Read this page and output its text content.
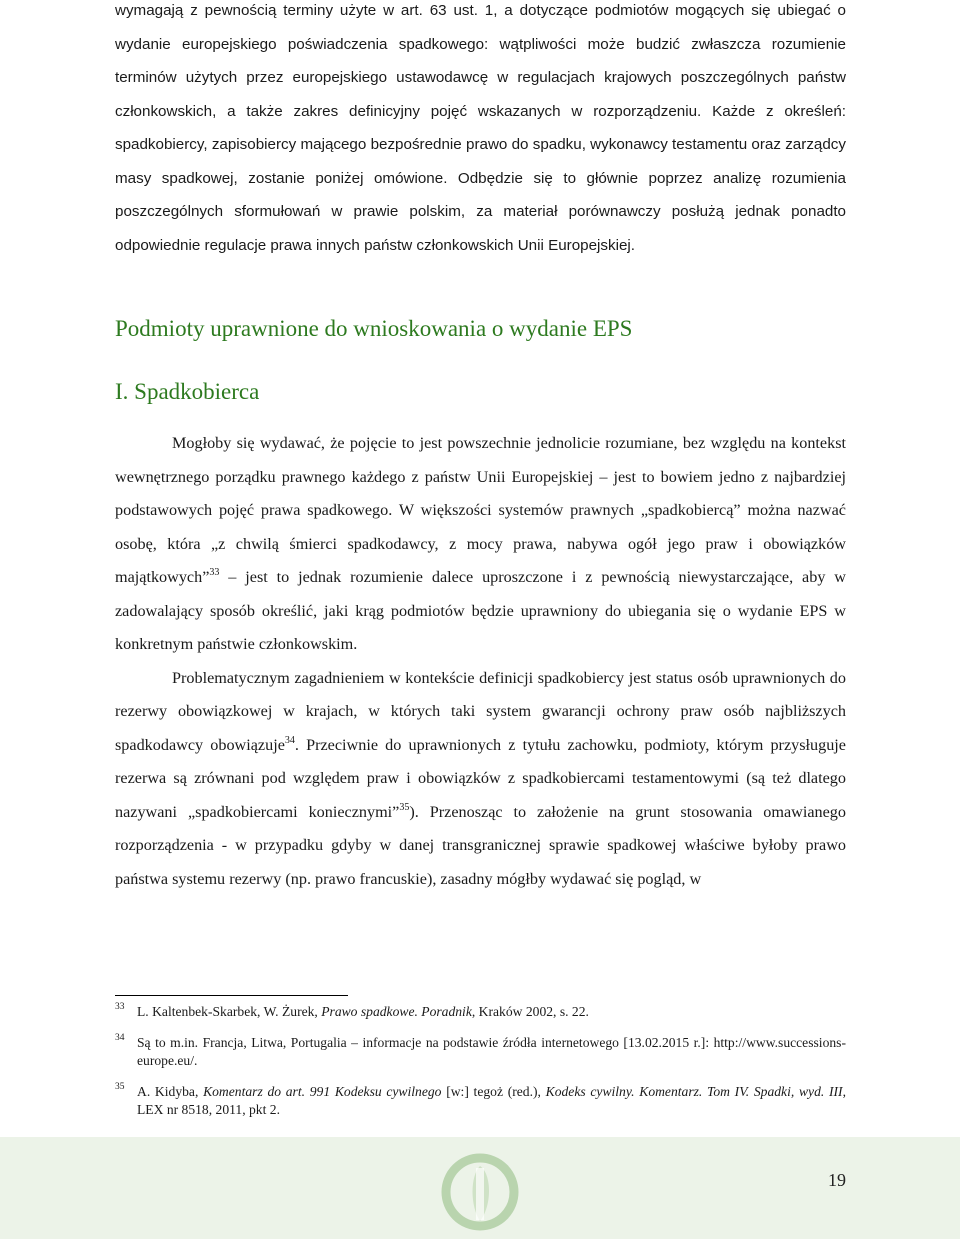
wymagają z pewnością terminy użyte w art. 63 ust. 1, a dotyczące podmiotów mogących się ubiegać o wydanie europejskiego poświadczenia spadkowego: wątpliwości może budzić zwłaszcza rozumienie terminów użytych przez europejskiego ustawodawcę w regulacjach krajowych poszczególnych państw członkowskich, a także zakres definicyjny pojęć wskazanych w rozporządzeniu. Każde z określeń: spadkobiercy, zapisobiercy mającego bezpośrednie prawo do spadku, wykonawcy testamentu oraz zarządcy masy spadkowej, zostanie poniżej omówione. Odbędzie się to głównie poprzez analizę rozumienia poszczególnych sformułowań w prawie polskim, za materiał porównawczy posłużą jednak ponadto odpowiednie regulacje prawa innych państw członkowskich Unii Europejskiej.

Podmioty uprawnione do wnioskowania o wydanie EPS
I. Spadkobierca

Mogłoby się wydawać, że pojęcie to jest powszechnie jednolicie rozumiane, bez względu na kontekst wewnętrznego porządku prawnego każdego z państw Unii Europejskiej – jest to bowiem jedno z najbardziej podstawowych pojęć prawa spadkowego. W większości systemów prawnych „spadkobiercą” można nazwać osobę, która „z chwilą śmierci spadkodawcy, z mocy prawa, nabywa ogół jego praw i obowiązków majątkowych”$^{33}$ – jest to jednak rozumienie dalece uproszczone i z pewnością niewystarczające, aby w zadowalający sposób określić, jaki krąg podmiotów będzie uprawniony do ubiegania się o wydanie EPS w konkretnym państwie członkowskim.

Problematycznym zagadnieniem w kontekście definicji spadkobiercy jest status osób uprawnionych do rezerwy obowiązkowej w krajach, w których taki system gwarancji ochrony praw osób najbliższych spadkodawcy obowiązuje$^{34}$. Przeciwnie do uprawnionych z tytułu zachowku, podmioty, którym przysługuje rezerwa są zrównani pod względem praw i obowiązków z spadkobiercami testamentowymi (są też dlatego nazywani „spadkobiercami koniecznymi”$^{35}$). Przenosząc to założenie na grunt stosowania omawianego rozporządzenia - w przypadku gdyby w danej transgranicznej sprawie spadkowej właściwe byłoby prawo państwa systemu rezerwy (np. prawo francuskie), zasadny mógłby wydawać się pogląd, w

33 L. Kaltenbek-Skarbek, W. Żurek, Prawo spadkowe. Poradnik, Kraków 2002, s. 22.
34 Są to m.in. Francja, Litwa, Portugalia – informacje na podstawie źródła internetowego [13.02.2015 r.]: http://www.successions-europe.eu/.
35 A. Kidyba, Komentarz do art. 991 Kodeksu cywilnego [w:] tegoż (red.), Kodeks cywilny. Komentarz. Tom IV. Spadki, wyd. III, LEX nr 8518, 2011, pkt 2.
19
